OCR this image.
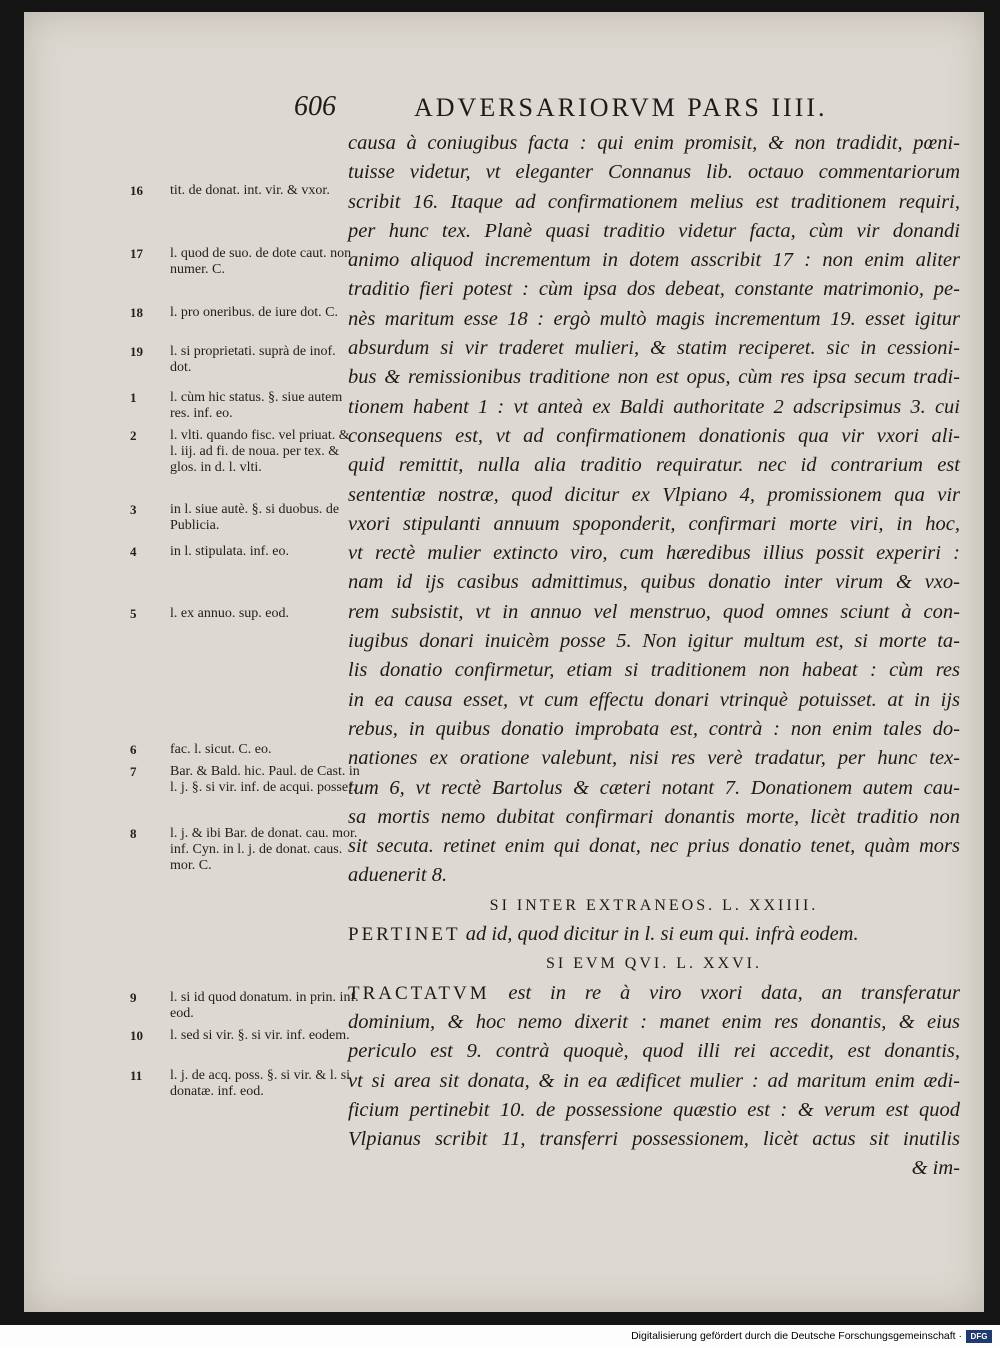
606	ADVERSARIORVM PARS IIII.
causa à coniugibus facta : qui enim promisit, & non tradidit, pœni-
tuisse videtur, vt eleganter Connanus lib. octauo commentariorum
scribit 16. Itaque ad confirmationem melius est traditionem requiri,
per hunc tex. Planè quasi traditio videtur facta, cùm vir donandi
animo aliquod incrementum in dotem asscribit 17 : non enim aliter
traditio fieri potest : cùm ipsa dos debeat, constante matrimonio, pe-
nès maritum esse 18 : ergò multò magis incrementum 19. esset igitur
absurdum si vir traderet mulieri, & statim reciperet. sic in cessioni-
bus & remissionibus traditione non est opus, cùm res ipsa secum tradi-
tionem habent 1 : vt anteà ex Baldi authoritate 2 adscripsimus 3. cui
consequens est, vt ad confirmationem donationis qua vir vxori ali-
quid remittit, nulla alia traditio requiratur. nec id contrarium est
sententiæ nostræ, quod dicitur ex Vlpiano 4, promissionem qua vir
vxori stipulanti annuum spoponderit, confirmari morte viri, in hoc,
vt rectè mulier extincto viro, cum hæredibus illius possit experiri :
nam id ijs casibus admittimus, quibus donatio inter virum & vxo-
rem subsistit, vt in annuo vel menstruo, quod omnes sciunt à con-
iugibus donari inuicèm posse 5. Non igitur multum est, si morte ta-
lis donatio confirmetur, etiam si traditionem non habeat : cùm res
in ea causa esset, vt cum effectu donari vtrinquè potuisset. at in ijs
rebus, in quibus donatio improbata est, contrà : non enim tales do-
nationes ex oratione valebunt, nisi res verè tradatur, per hunc tex-
tum 6, vt rectè Bartolus & cæteri notant 7. Donationem autem cau-
sa mortis nemo dubitat confirmari donantis morte, licèt traditio non
sit secuta. retinet enim qui donat, nec prius donatio tenet, quàm mors
aduenerit 8.
SI INTER EXTRANEOS. L. XXIIII.
PERTINET ad id, quod dicitur in l. si eum qui. infrà eodem.
SI EVM QVI. L. XXVI.
TRACTATVM est in re à viro vxori data, an transferatur
dominium, & hoc nemo dixerit : manet enim res donantis, & eius
periculo est 9. contrà quoquè, quod illi rei accedit, est donantis,
vt si area sit donata, & in ea ædificet mulier : ad maritum enim ædi-
ficium pertinebit 10. de possessione quæstio est : & verum est quod
Vlpianus scribit 11, transferri possessionem, licèt actus sit inutilis
& im-
16	tit. de donat. int. vir. & vxor.
17	l. quod de suo. de dote caut. non numer. C.
18	l. pro oneribus. de iure dot. C.
19	l. si proprietati. suprà de inof. dot.
1	l. cùm hic status. §. siue autem res. inf. eo.
2	l. vlti. quando fisc. vel priuat. & l. iij. ad fi. de noua. per tex. & glos. in d. l. vlti.
3	in l. siue autè. §. si duobus. de Publicia.
4	in l. stipulata. inf. eo.
5	l. ex annuo. sup. eod.
6	fac. l. sicut. C. eo.
7	Bar. & Bald. hic. Paul. de Cast. in l. j. §. si vir. inf. de acqui. possef.
8	l. j. & ibi Bar. de donat. cau. mor. inf. Cyn. in l. j. de donat. caus. mor. C.
9	l. si id quod donatum. in prin. inf. eod.
10	l. sed si vir. §. si vir. inf. eodem.
11	l. j. de acq. poss. §. si vir. & l. si donatæ. inf. eod.
Digitalisierung gefördert durch die Deutsche Forschungsgemeinschaft ·	DFG
